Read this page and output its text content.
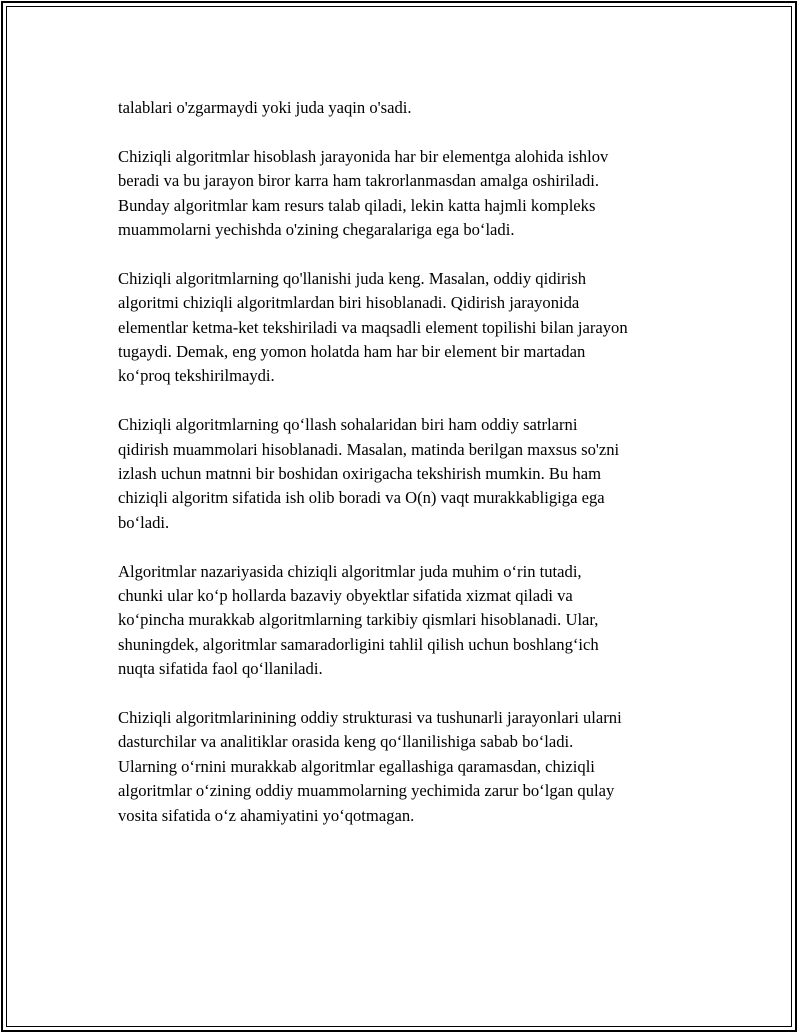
talablari o'zgarmaydi yoki juda yaqin o'sadi.

Chiziqli algoritmlar hisoblash jarayonida har bir elementga alohida ishlov
beradi va bu jarayon biror karra ham takrorlanmasdan amalga oshiriladi.
Bunday algoritmlar kam resurs talab qiladi, lekin katta hajmli kompleks
muammolarni yechishda o'zining chegaralariga ega bo‘ladi.

Chiziqli algoritmlarning qo'llanishi juda keng. Masalan, oddiy qidirish
algoritmi chiziqli algoritmlardan biri hisoblanadi. Qidirish jarayonida
elementlar ketma-ket tekshiriladi va maqsadli element topilishi bilan jarayon
tugaydi. Demak, eng yomon holatda ham har bir element bir martadan
ko‘proq tekshirilmaydi.

Chiziqli algoritmlarning qo‘llash sohalaridan biri ham oddiy satrlarni
qidirish muammolari hisoblanadi. Masalan, matinda berilgan maxsus so'zni
izlash uchun matnni bir boshidan oxirigacha tekshirish mumkin. Bu ham
chiziqli algoritm sifatida ish olib boradi va O(n) vaqt murakkabligiga ega
bo‘ladi.

Algoritmlar nazariyasida chiziqli algoritmlar juda muhim o‘rin tutadi,
chunki ular ko‘p hollarda bazaviy obyektlar sifatida xizmat qiladi va
ko‘pincha murakkab algoritmlarning tarkibiy qismlari hisoblanadi. Ular,
shuningdek, algoritmlar samaradorligini tahlil qilish uchun boshlang‘ich
nuqta sifatida faol qo‘llaniladi.

Chiziqli algoritmlarinining oddiy strukturasi va tushunarli jarayonlari ularni
dasturchilar va analitiklar orasida keng qo‘llanilishiga sabab bo‘ladi.
Ularning o‘rnini murakkab algoritmlar egallashiga qaramasdan, chiziqli
algoritmlar o‘zining oddiy muammolarning yechimida zarur bo‘lgan qulay
vosita sifatida o‘z ahamiyatini yo‘qotmagan.
